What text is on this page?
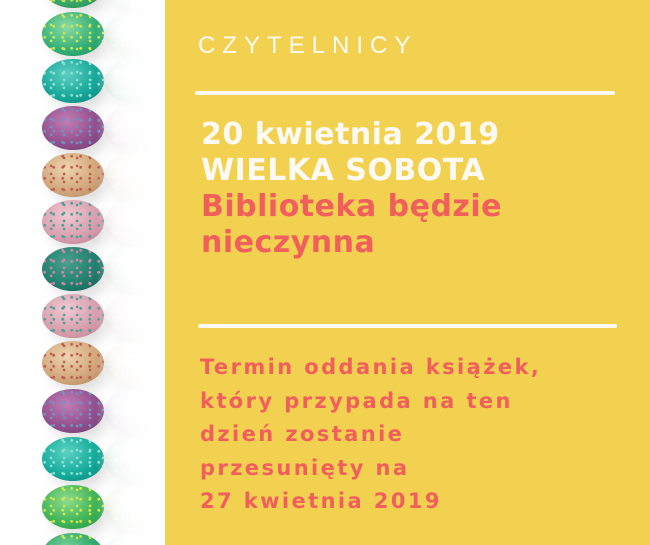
CZYTELNICY
20 kwietnia 2019
WIELKA SOBOTA
Biblioteka będzie
nieczynna

Termin oddania książek,

który przypada na ten

dzień zostanie

przesunięty na

27 kwietnia 2019
